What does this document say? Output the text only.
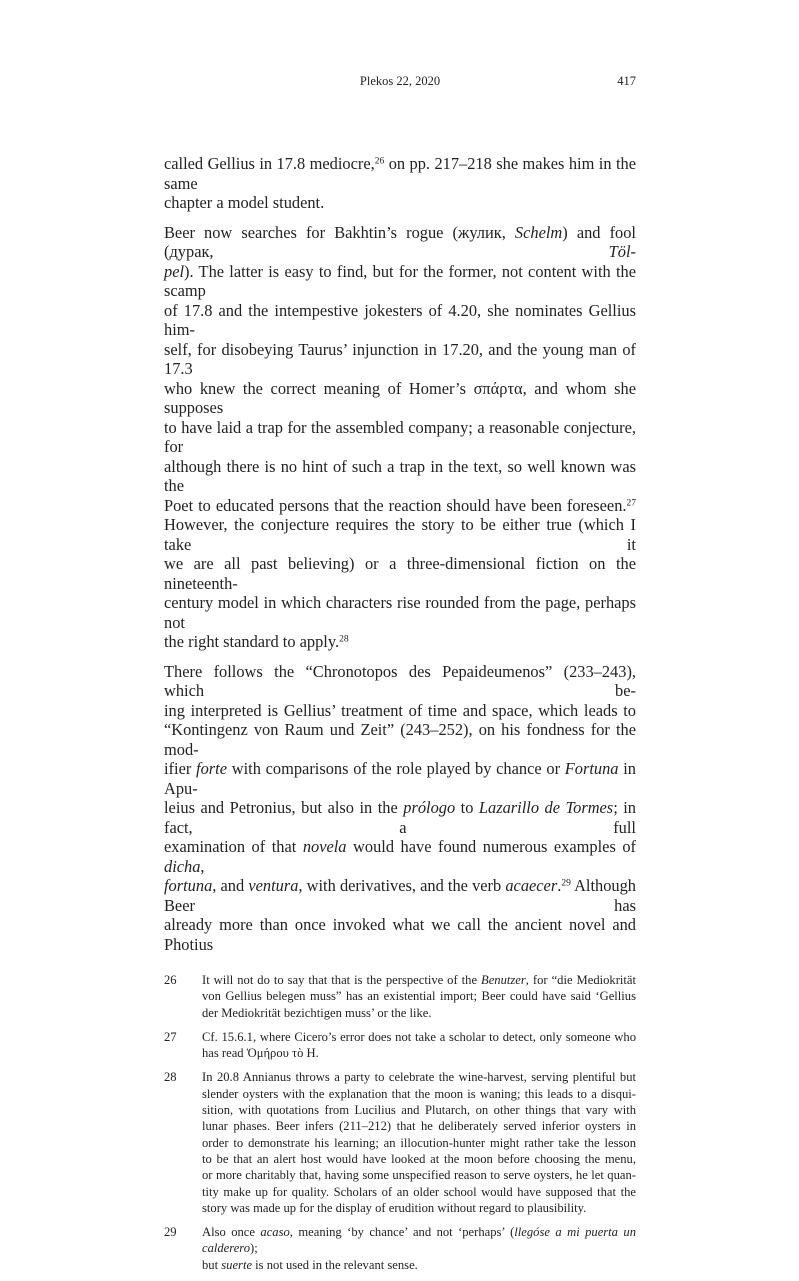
Plekos 22, 2020	417
called Gellius in 17.8 mediocre,$^{26}$ on pp. 217–218 she makes him in the same
chapter a model student.
Beer now searches for Bakhtin’s rogue (жулик, Schelm) and fool (дурак, Töl-
pel). The latter is easy to find, but for the former, not content with the scamp
of 17.8 and the intempestive jokesters of 4.20, she nominates Gellius him-
self, for disobeying Taurus’ injunction in 17.20, and the young man of 17.3
who knew the correct meaning of Homer’s σπάρτα, and whom she supposes
to have laid a trap for the assembled company; a reasonable conjecture, for
although there is no hint of such a trap in the text, so well known was the
Poet to educated persons that the reaction should have been foreseen.$^{27}$
However, the conjecture requires the story to be either true (which I take it
we are all past believing) or a three-dimensional fiction on the nineteenth-
century model in which characters rise rounded from the page, perhaps not
the right standard to apply.$^{28}$
There follows the “Chronotopos des Pepaideumenos” (233–243), which be-
ing interpreted is Gellius’ treatment of time and space, which leads to
“Kontingenz von Raum und Zeit” (243–252), on his fondness for the mod-
ifier forte with comparisons of the role played by chance or Fortuna in Apu-
leius and Petronius, but also in the prólogo to Lazarillo de Tormes; in fact, a full
examination of that novela would have found numerous examples of dicha,
fortuna, and ventura, with derivatives, and the verb acaecer.$^{29}$ Although Beer has
already more than once invoked what we call the ancient novel and Photius
26	It will not do to say that that is the perspective of the Benutzer, for “die Mediokrität
von Gellius belegen muss” has an existential import; Beer could have said ‘Gellius
der Mediokrität bezichtigen muss’ or the like.
27	Cf. 15.6.1, where Cicero’s error does not take a scholar to detect, only someone who
has read Ὁμήρου τὸ Η.
28	In 20.8 Annianus throws a party to celebrate the wine-harvest, serving plentiful but
slender oysters with the explanation that the moon is waning; this leads to a disqui-
sition, with quotations from Lucilius and Plutarch, on other things that vary with
lunar phases. Beer infers (211–212) that he deliberately served inferior oysters in
order to demonstrate his learning; an illocution-hunter might rather take the lesson
to be that an alert host would have looked at the moon before choosing the menu,
or more charitably that, having some unspecified reason to serve oysters, he let quan-
tity make up for quality. Scholars of an older school would have supposed that the
story was made up for the display of erudition without regard to plausibility.
29	Also once acaso, meaning ‘by chance’ and not ‘perhaps’ (llegóse a mi puerta un calderero);
but suerte is not used in the relevant sense.
